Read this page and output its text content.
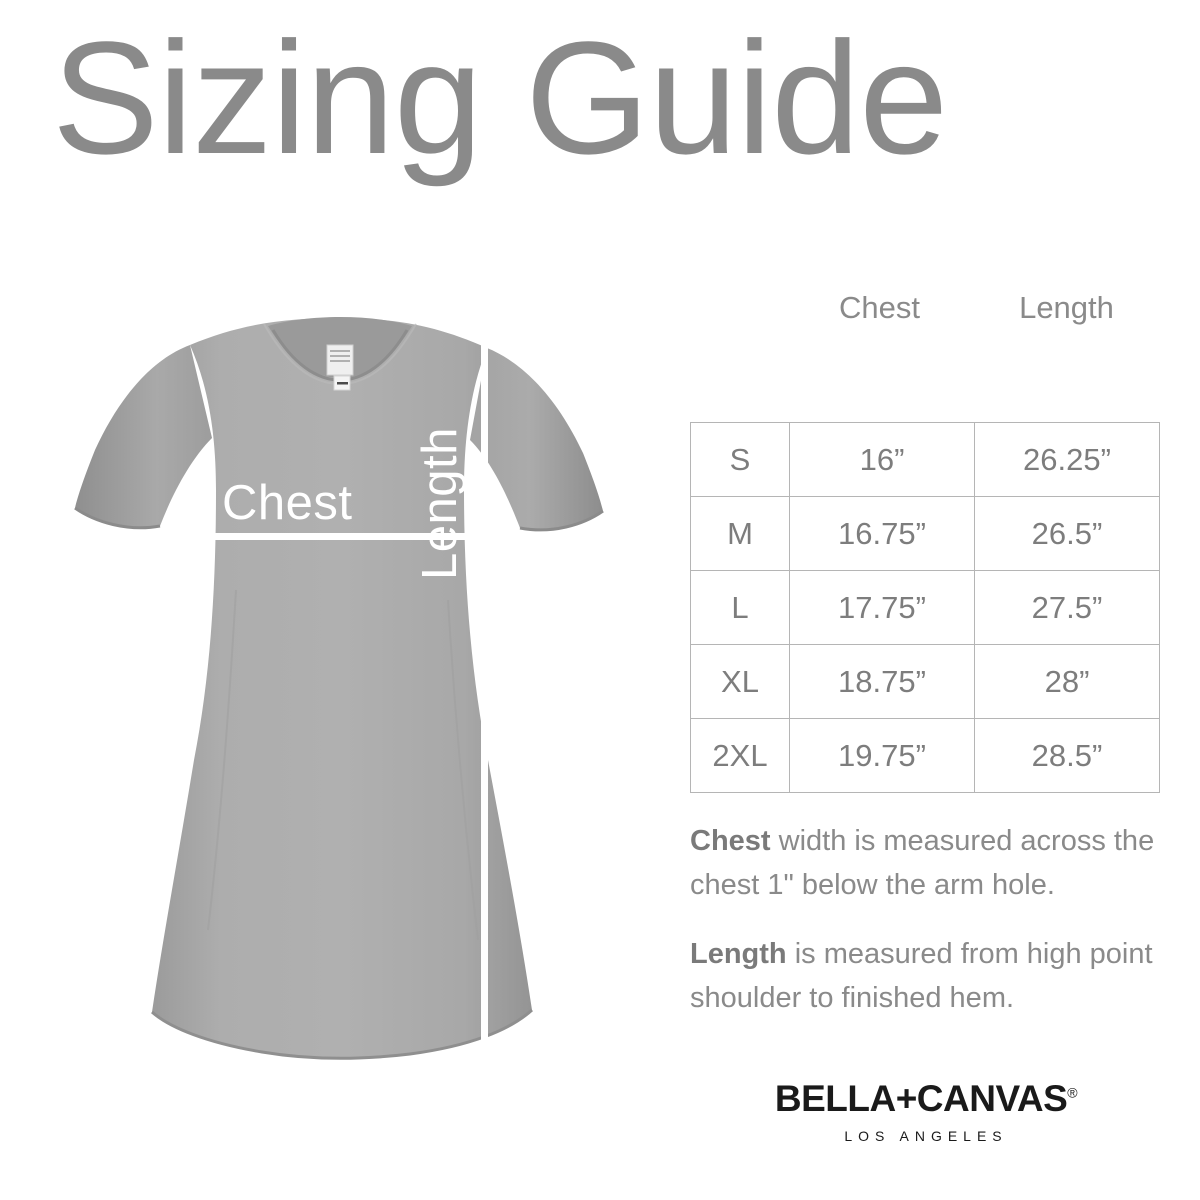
Sizing Guide
Chest Length
Chest	Length
S	16”	26.25”
M	16.75”	26.5”
L	17.75”	27.5”
XL	18.75”	28”
2XL	19.75”	28.5”
Chest width is measured across the chest 1" below the arm hole.
Length is measured from high point shoulder to finished hem.
BELLA+CANVAS®
LOS ANGELES
